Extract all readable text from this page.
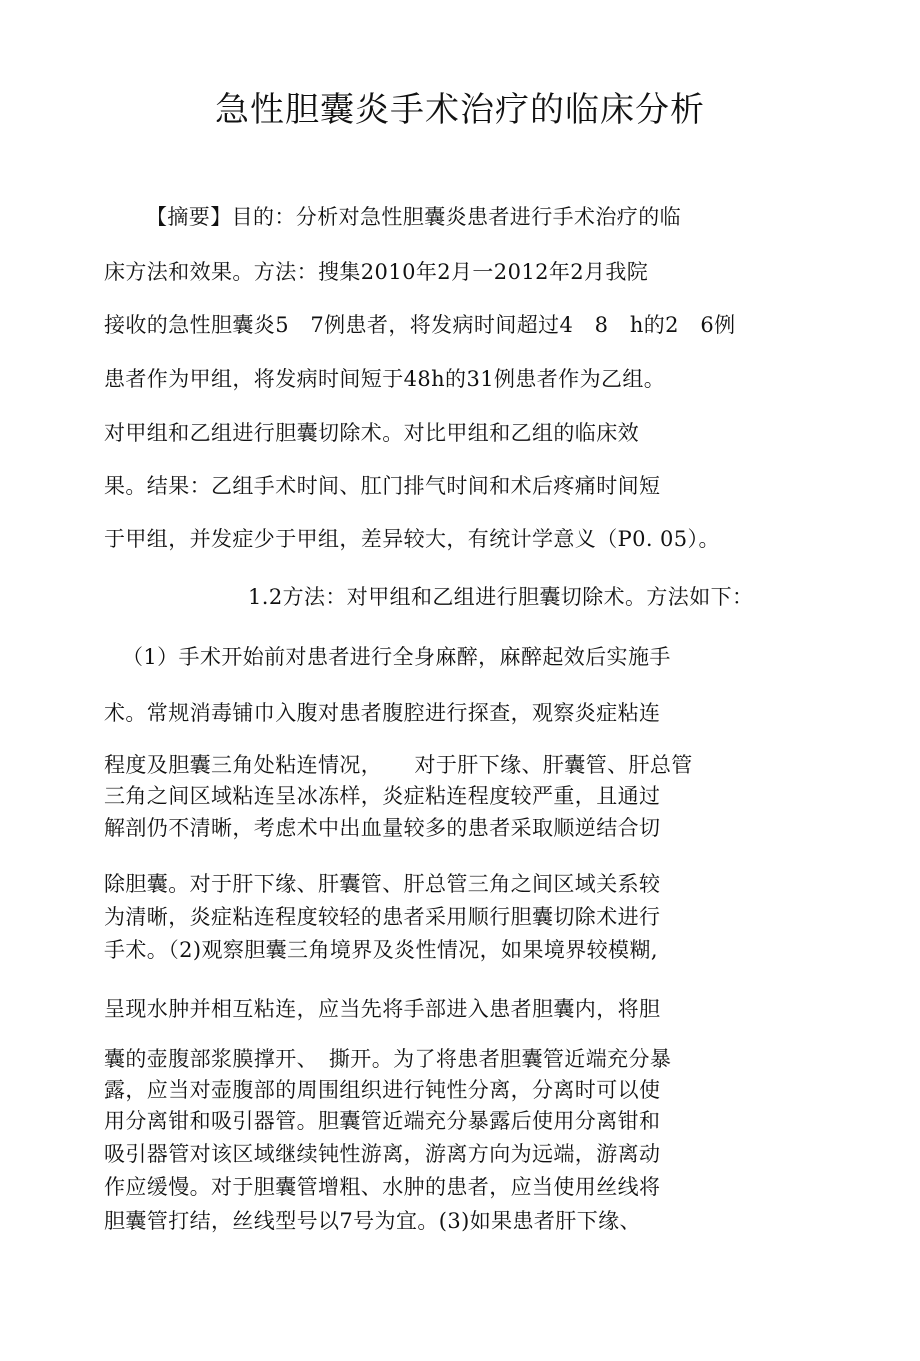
急性胆囊炎手术治疗的临床分析
【摘要】目的：分析对急性胆囊炎患者进行手术治疗的临
床方法和效果。方法：搜集2010年2月一2012年2月我院
接收的急性胆囊炎5　7例患者，将发病时间超过4　8　h的2　6例
患者作为甲组，将发病时间短于48h的31例患者作为乙组。
对甲组和乙组进行胆囊切除术。对比甲组和乙组的临床效
果。结果：乙组手术时间、肛门排气时间和术后疼痛时间短
于甲组，并发症少于甲组，差异较大，有统计学意义（P0. 05）。
1.2方法：对甲组和乙组进行胆囊切除术。方法如下：
（1）手术开始前对患者进行全身麻醉，麻醉起效后实施手
术。常规消毒铺巾入腹对患者腹腔进行探查，观察炎症粘连
程度及胆囊三角处粘连情况，　　对于肝下缘、肝囊管、肝总管
三角之间区域粘连呈冰冻样，炎症粘连程度较严重，且通过
解剖仍不清晰，考虑术中出血量较多的患者采取顺逆结合切
除胆囊。对于肝下缘、肝囊管、肝总管三角之间区域关系较
为清晰，炎症粘连程度较轻的患者采用顺行胆囊切除术进行
手术。（2)观察胆囊三角境界及炎性情况，如果境界较模糊,
呈现水肿并相互粘连，应当先将手部进入患者胆囊内，将胆
囊的壶腹部浆膜撑开、　撕开。为了将患者胆囊管近端充分暴
露，应当对壶腹部的周围组织进行钝性分离，分离时可以使
用分离钳和吸引器管。胆囊管近端充分暴露后使用分离钳和
吸引器管对该区域继续钝性游离，游离方向为远端，游离动
作应缓慢。对于胆囊管增粗、水肿的患者，应当使用丝线将
胆囊管打结，丝线型号以7号为宜。(3)如果患者肝下缘、
